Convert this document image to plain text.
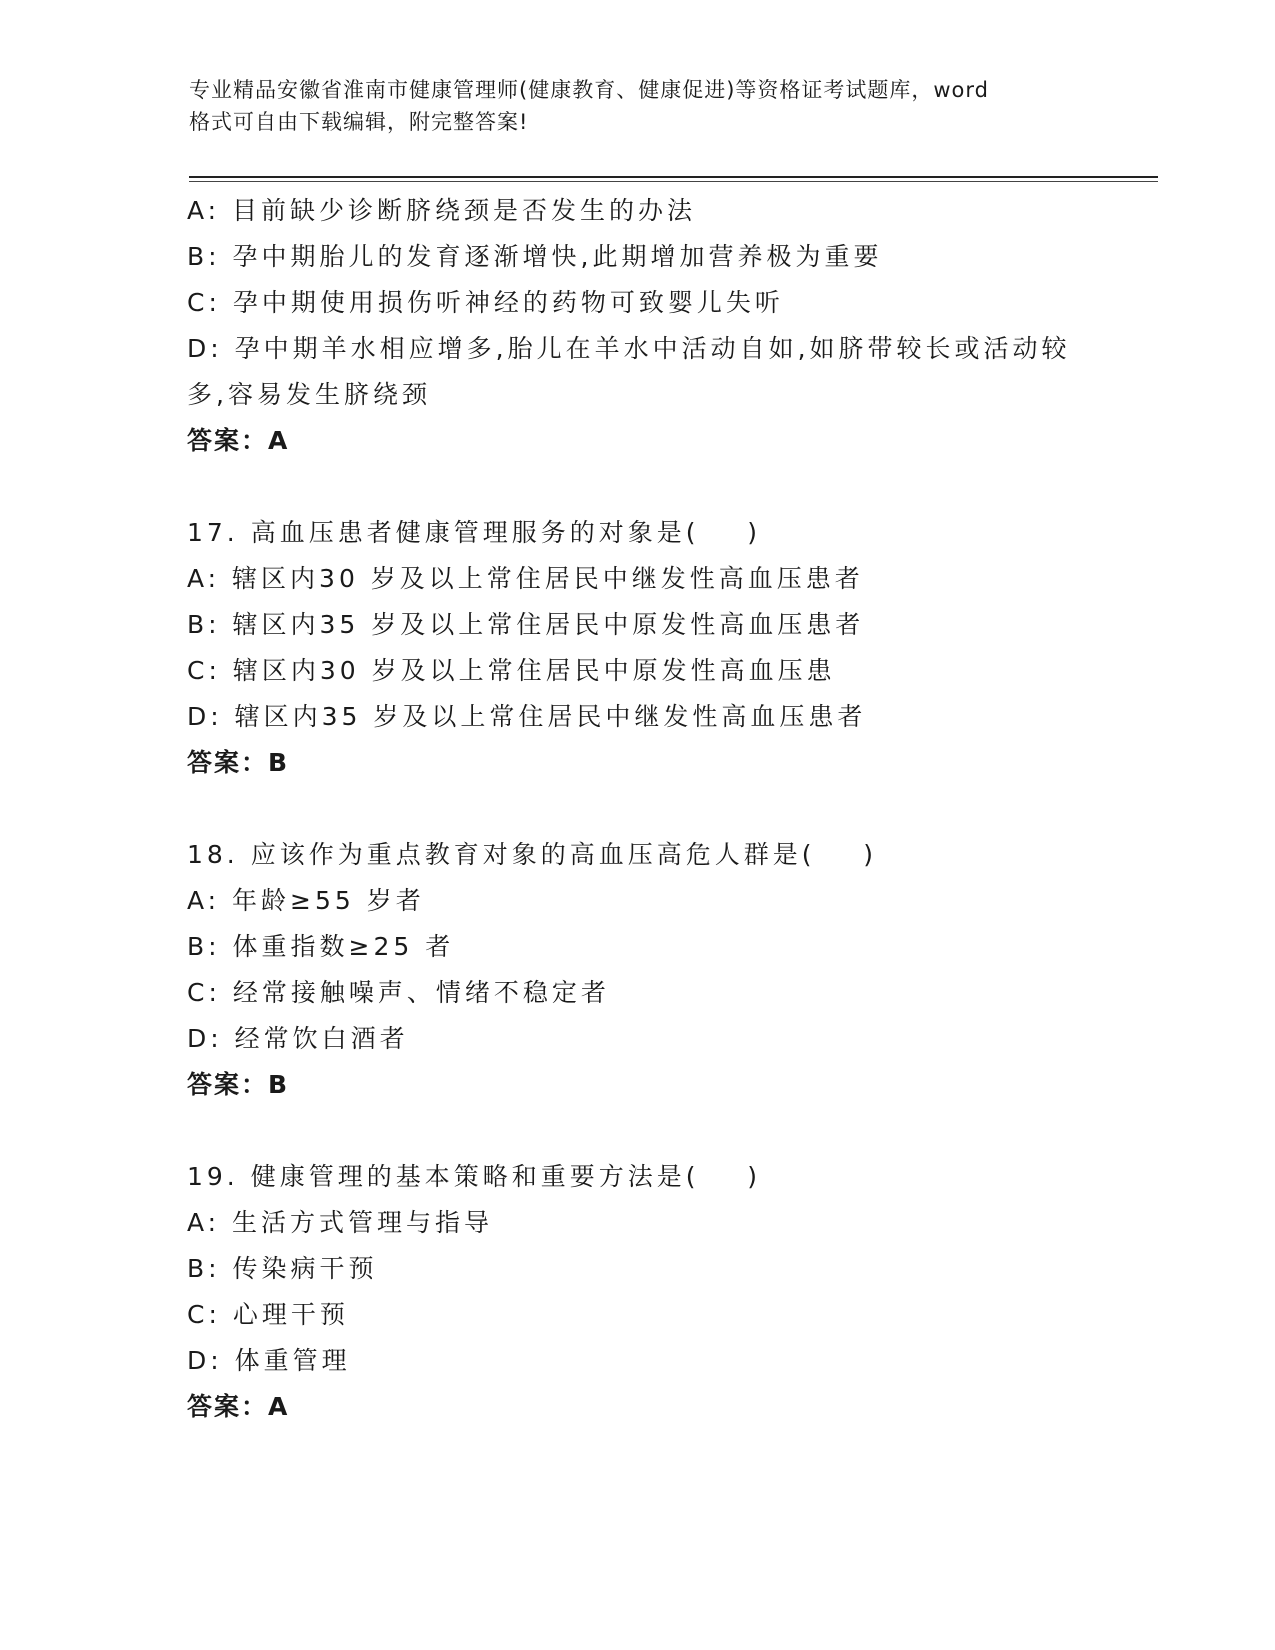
专业精品安徽省淮南市健康管理师(健康教育、健康促进)等资格证考试题库，word

格式可自由下载编辑，附完整答案!

A: 目前缺少诊断脐绕颈是否发生的办法

B: 孕中期胎儿的发育逐渐增快,此期增加营养极为重要

C: 孕中期使用损伤听神经的药物可致婴儿失听

D: 孕中期羊水相应增多,胎儿在羊水中活动自如,如脐带较长或活动较

多,容易发生脐绕颈

答案：A

17. 高血压患者健康管理服务的对象是(    )

A: 辖区内30 岁及以上常住居民中继发性高血压患者

B: 辖区内35 岁及以上常住居民中原发性高血压患者

C: 辖区内30 岁及以上常住居民中原发性高血压患

D: 辖区内35 岁及以上常住居民中继发性高血压患者

答案：B

18. 应该作为重点教育对象的高血压高危人群是(    )

A: 年龄≥55 岁者

B: 体重指数≥25 者

C: 经常接触噪声、情绪不稳定者

D: 经常饮白酒者

答案：B

19. 健康管理的基本策略和重要方法是(    )

A: 生活方式管理与指导

B: 传染病干预

C: 心理干预

D: 体重管理

答案：A
